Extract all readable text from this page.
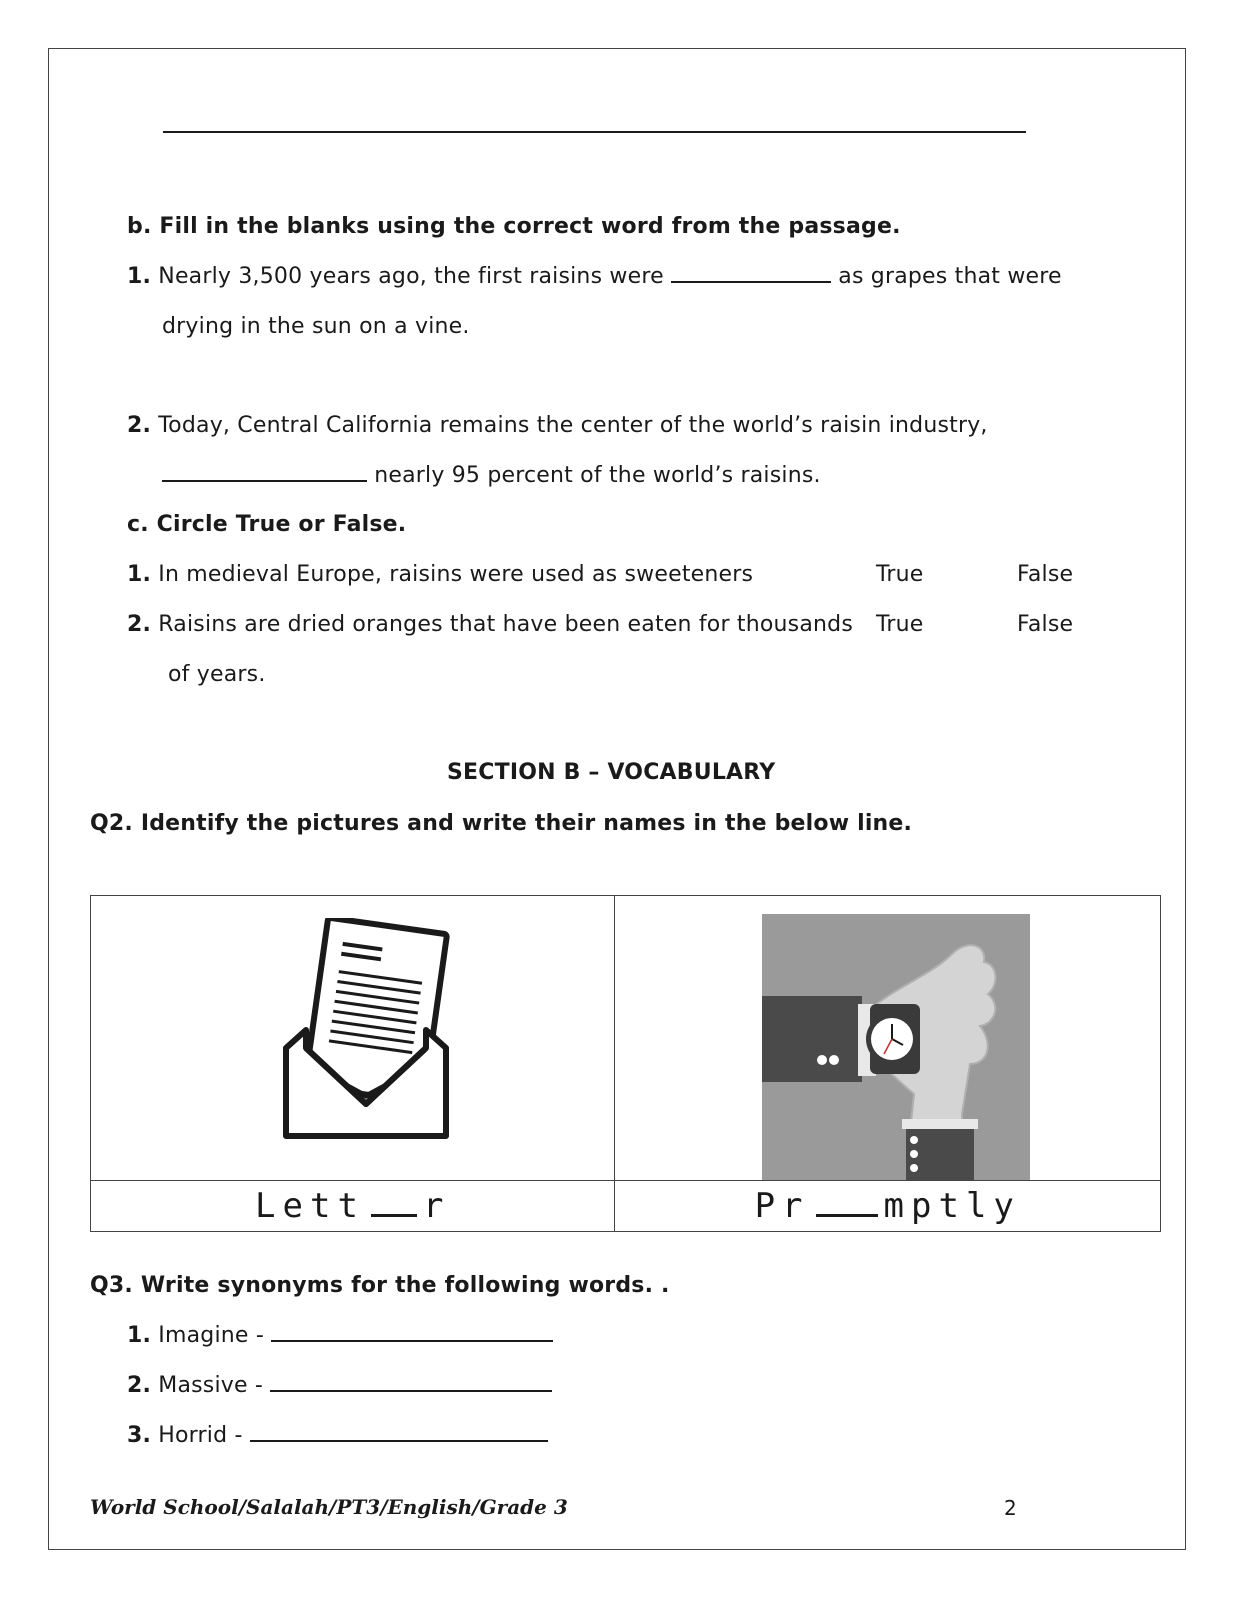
b. Fill in the blanks using the correct word from the passage.
1. Nearly 3,500 years ago, the first raisins were	as grapes that were
drying in the sun on a vine.
2. Today, Central California remains the center of the world’s raisin industry,
nearly 95 percent of the world’s raisins.
c. Circle True or False.
1. In medieval Europe, raisins were used as sweeteners	True	False
2. Raisins are dried oranges that have been eaten for thousands True	False
of years.
SECTION B – VOCABULARY
Q2. Identify the pictures and write their names in the below line.

Lett r	Pr mptly
Q3. Write synonyms for the following words. .
1. Imagine -
2. Massive -
3. Horrid -
World School/Salalah/PT3/English/Grade 3	2
